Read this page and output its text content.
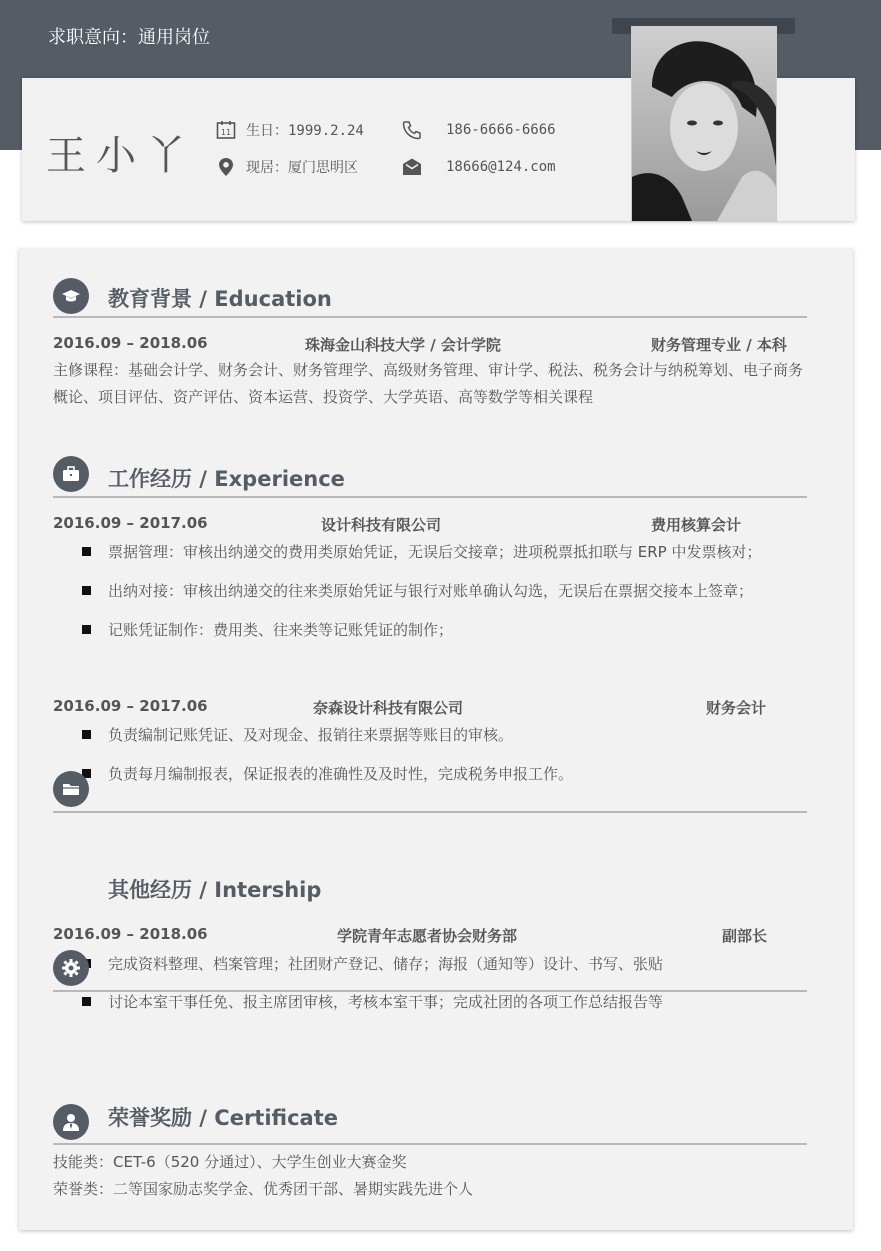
求职意向：通用岗位
王小丫
11 生日：1999.2.24
现居：厦门思明区
186-6666-6666
18666@124.com
教育背景 / Education
2016.09 – 2018.06	珠海金山科技大学 / 会计学院	财务管理专业 / 本科
主修课程：基础会计学、财务会计、财务管理学、高级财务管理、审计学、税法、税务会计与纳税筹划、电子商务概论、项目评估、资产评估、资本运营、投资学、大学英语、高等数学等相关课程
工作经历 / Experience
2016.09 – 2017.06	设计科技有限公司	费用核算会计
票据管理：审核出纳递交的费用类原始凭证，无误后交接章；进项税票抵扣联与 ERP 中发票核对；
出纳对接：审核出纳递交的往来类原始凭证与银行对账单确认勾选，无误后在票据交接本上签章；
记账凭证制作：费用类、往来类等记账凭证的制作；
2016.09 – 2017.06	奈森设计科技有限公司	财务会计
负责编制记账凭证、及对现金、报销往来票据等账目的审核。
负责每月编制报表，保证报表的准确性及及时性，完成税务申报工作。
其他经历 / Intership
2016.09 – 2018.06	学院青年志愿者协会财务部	副部长
完成资料整理、档案管理；社团财产登记、储存；海报（通知等）设计、书写、张贴
讨论本室干事任免、报主席团审核，考核本室干事；完成社团的各项工作总结报告等
荣誉奖励 / Certificate
技能类：CET-6（520 分通过）、大学生创业大赛金奖
荣誉类：二等国家励志奖学金、优秀团干部、暑期实践先进个人
